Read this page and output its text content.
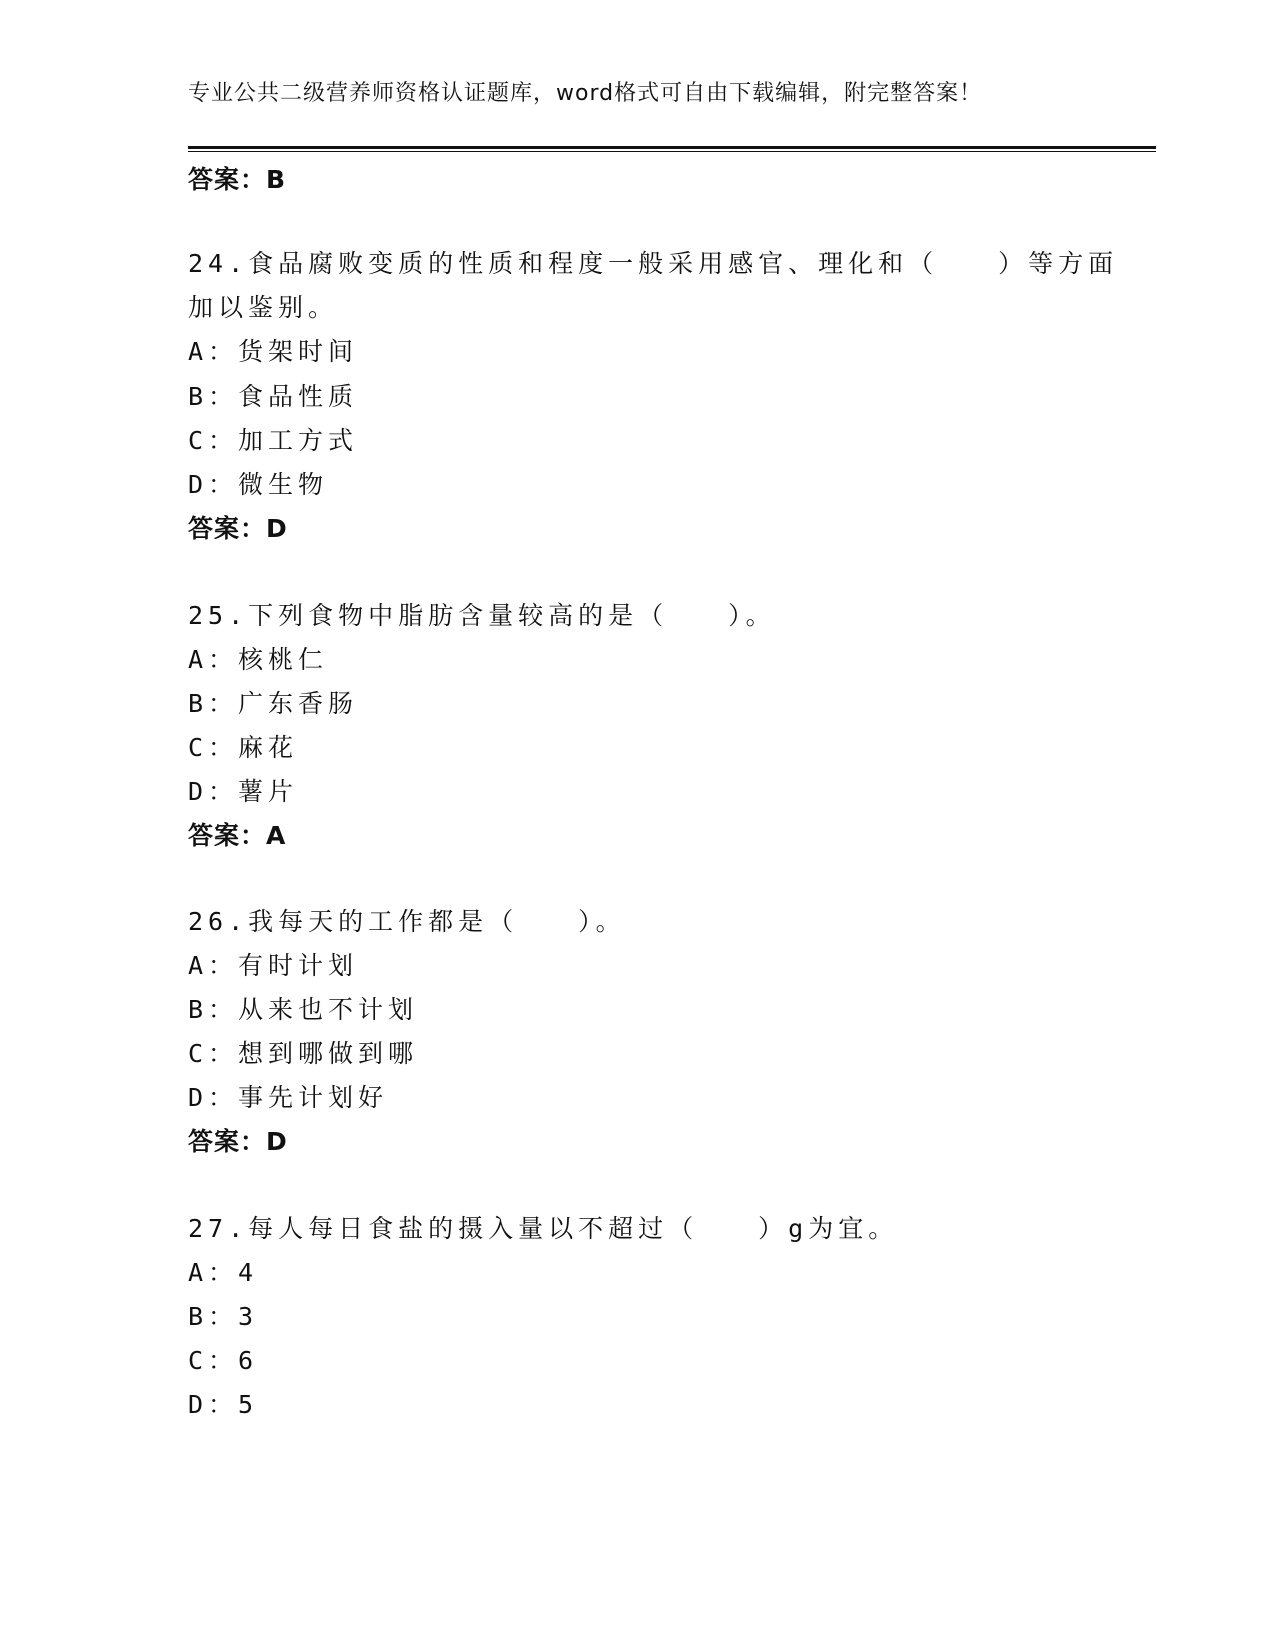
专业公共二级营养师资格认证题库，word格式可自由下载编辑，附完整答案！
答案：B
24.食品腐败变质的性质和程度一般采用感官、理化和（　　）等方面
加以鉴别。
A：货架时间
B：食品性质
C：加工方式
D：微生物
答案：D
25.下列食物中脂肪含量较高的是（　　）。
A：核桃仁
B：广东香肠
C：麻花
D：薯片
答案：A
26.我每天的工作都是（　　）。
A：有时计划
B：从来也不计划
C：想到哪做到哪
D：事先计划好
答案：D
27.每人每日食盐的摄入量以不超过（　　）g为宜。
A：4
B：3
C：6
D：5
